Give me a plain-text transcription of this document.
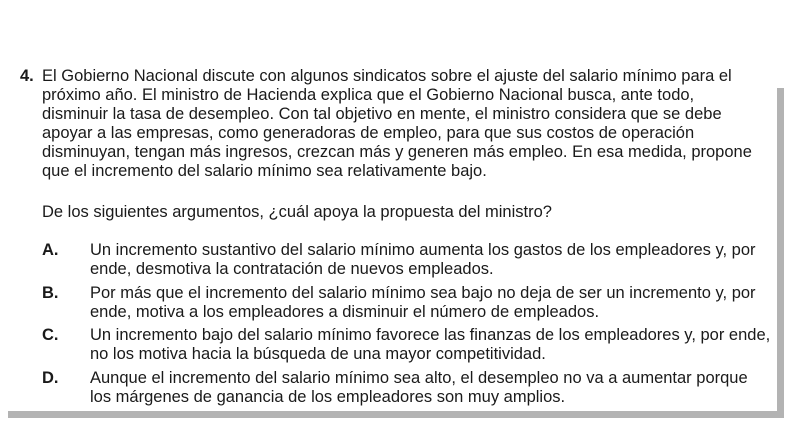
4. El Gobierno Nacional discute con algunos sindicatos sobre el ajuste del salario mínimo para el
próximo año. El ministro de Hacienda explica que el Gobierno Nacional busca, ante todo,
disminuir la tasa de desempleo. Con tal objetivo en mente, el ministro considera que se debe
apoyar a las empresas, como generadoras de empleo, para que sus costos de operación
disminuyan, tengan más ingresos, crezcan más y generen más empleo. En esa medida, propone
que el incremento del salario mínimo sea relativamente bajo.
De los siguientes argumentos, ¿cuál apoya la propuesta del ministro?
A. Un incremento sustantivo del salario mínimo aumenta los gastos de los empleadores y, por
ende, desmotiva la contratación de nuevos empleados.
B. Por más que el incremento del salario mínimo sea bajo no deja de ser un incremento y, por
ende, motiva a los empleadores a disminuir el número de empleados.
C. Un incremento bajo del salario mínimo favorece las finanzas de los empleadores y, por ende,
no los motiva hacia la búsqueda de una mayor competitividad.
D. Aunque el incremento del salario mínimo sea alto, el desempleo no va a aumentar porque
los márgenes de ganancia de los empleadores son muy amplios.
